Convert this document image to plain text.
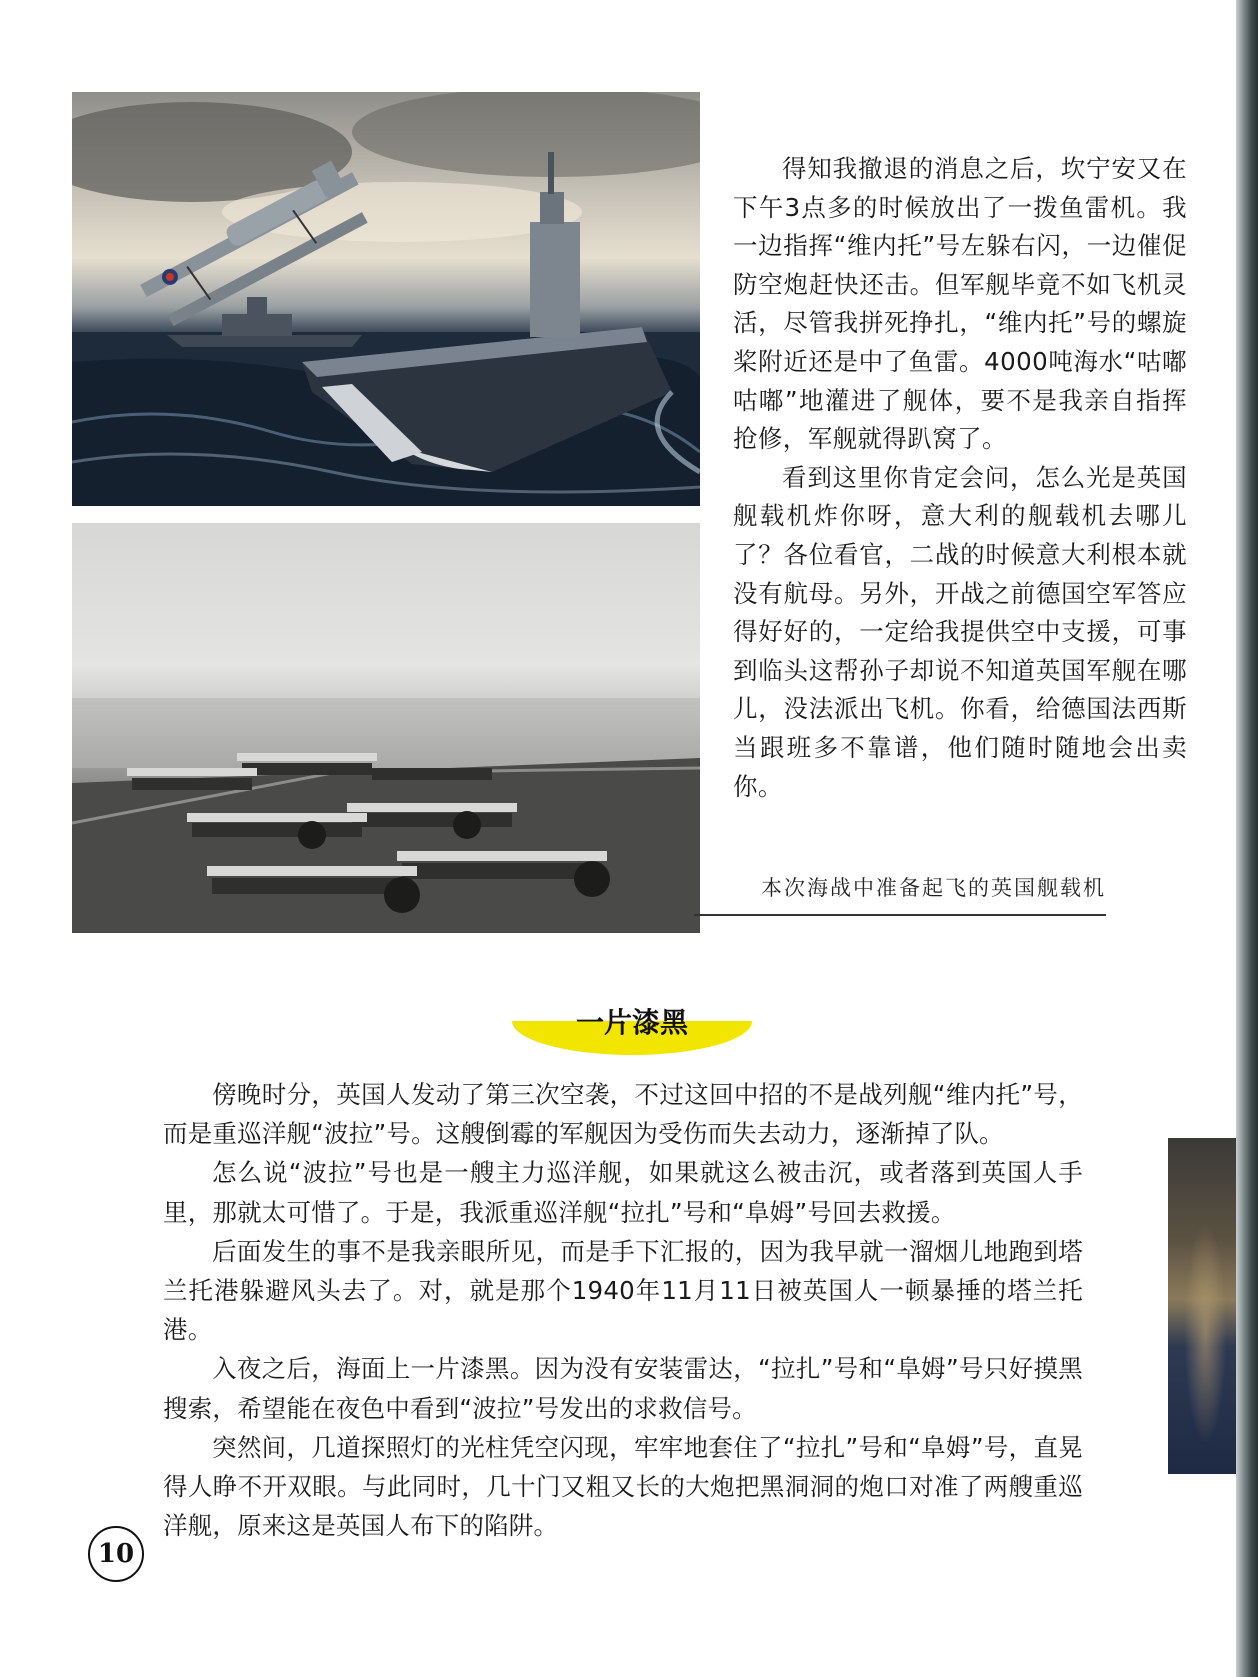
得知我撤退的消息之后，坎宁安又在下午3点多的时候放出了一拨鱼雷机。我一边指挥“维内托”号左躲右闪，一边催促防空炮赶快还击。但军舰毕竟不如飞机灵活，尽管我拼死挣扎，“维内托”号的螺旋桨附近还是中了鱼雷。4000吨海水“咕嘟咕嘟”地灌进了舰体，要不是我亲自指挥抢修，军舰就得趴窝了。

看到这里你肯定会问，怎么光是英国舰载机炸你呀，意大利的舰载机去哪儿了？各位看官，二战的时候意大利根本就没有航母。另外，开战之前德国空军答应得好好的，一定给我提供空中支援，可事到临头这帮孙子却说不知道英国军舰在哪儿，没法派出飞机。你看，给德国法西斯当跟班多不靠谱，他们随时随地会出卖你。

本次海战中准备起飞的英国舰载机
一片漆黑

傍晚时分，英国人发动了第三次空袭，不过这回中招的不是战列舰“维内托”号，而是重巡洋舰“波拉”号。这艘倒霉的军舰因为受伤而失去动力，逐渐掉了队。

怎么说“波拉”号也是一艘主力巡洋舰，如果就这么被击沉，或者落到英国人手里，那就太可惜了。于是，我派重巡洋舰“拉扎”号和“阜姆”号回去救援。

后面发生的事不是我亲眼所见，而是手下汇报的，因为我早就一溜烟儿地跑到塔兰托港躲避风头去了。对，就是那个1940年11月11日被英国人一顿暴捶的塔兰托港。

入夜之后，海面上一片漆黑。因为没有安装雷达，“拉扎”号和“阜姆”号只好摸黑搜索，希望能在夜色中看到“波拉”号发出的求救信号。

突然间，几道探照灯的光柱凭空闪现，牢牢地套住了“拉扎”号和“阜姆”号，直晃得人睁不开双眼。与此同时，几十门又粗又长的大炮把黑洞洞的炮口对准了两艘重巡洋舰，原来这是英国人布下的陷阱。

10
